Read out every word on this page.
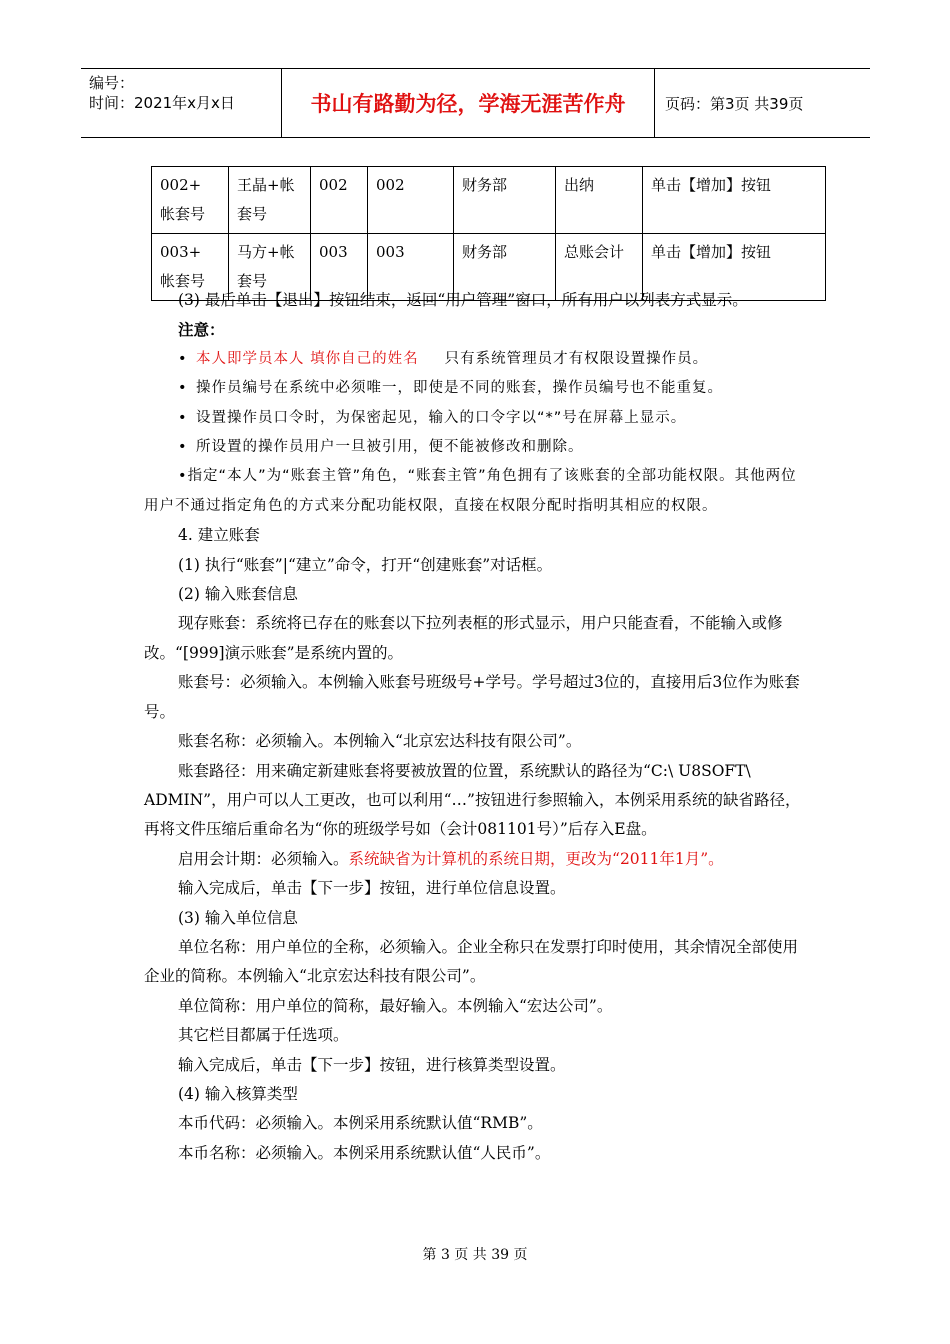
编号：
时间：2021年x月x日	书山有路勤为径，学海无涯苦作舟	页码：第3页 共39页
002+ 帐套号	王晶+帐套号	002	002	财务部	出纳	单击【增加】按钮
003+ 帐套号	马方+帐套号	003	003	财务部	总账会计	单击【增加】按钮

(3) 最后单击【退出】按钮结束，返回“用户管理”窗口，所有用户以列表方式显示。

注意：

• 本人即学员本人 填你自己的姓名 只有系统管理员才有权限设置操作员。

• 操作员编号在系统中必须唯一，即使是不同的账套，操作员编号也不能重复。

• 设置操作员口令时，为保密起见，输入的口令字以“*”号在屏幕上显示。

• 所设置的操作员用户一旦被引用，便不能被修改和删除。

•指定“本人”为“账套主管”角色，“账套主管”角色拥有了该账套的全部功能权限。其他两位用户不通过指定角色的方式来分配功能权限，直接在权限分配时指明其相应的权限。

4. 建立账套

(1) 执行“账套”|“建立”命令，打开“创建账套”对话框。

(2) 输入账套信息

现存账套：系统将已存在的账套以下拉列表框的形式显示，用户只能查看，不能输入或修改。“[999]演示账套”是系统内置的。

账套号：必须输入。本例输入账套号班级号+学号。学号超过3位的，直接用后3位作为账套号。

账套名称：必须输入。本例输入“北京宏达科技有限公司”。

账套路径：用来确定新建账套将要被放置的位置，系统默认的路径为“C:\ U8SOFT\ ADMIN”，用户可以人工更改，也可以利用“…”按钮进行参照输入，本例采用系统的缺省路径，再将文件压缩后重命名为“你的班级学号如（会计081101号）”后存入E盘。

启用会计期：必须输入。系统缺省为计算机的系统日期，更改为“2011年1月”。

输入完成后，单击【下一步】按钮，进行单位信息设置。

(3) 输入单位信息

单位名称：用户单位的全称，必须输入。企业全称只在发票打印时使用，其余情况全部使用企业的简称。本例输入“北京宏达科技有限公司”。

单位简称：用户单位的简称，最好输入。本例输入“宏达公司”。

其它栏目都属于任选项。

输入完成后，单击【下一步】按钮，进行核算类型设置。

(4) 输入核算类型

本币代码：必须输入。本例采用系统默认值“RMB”。

本币名称：必须输入。本例采用系统默认值“人民币”。

第 3 页 共 39 页
